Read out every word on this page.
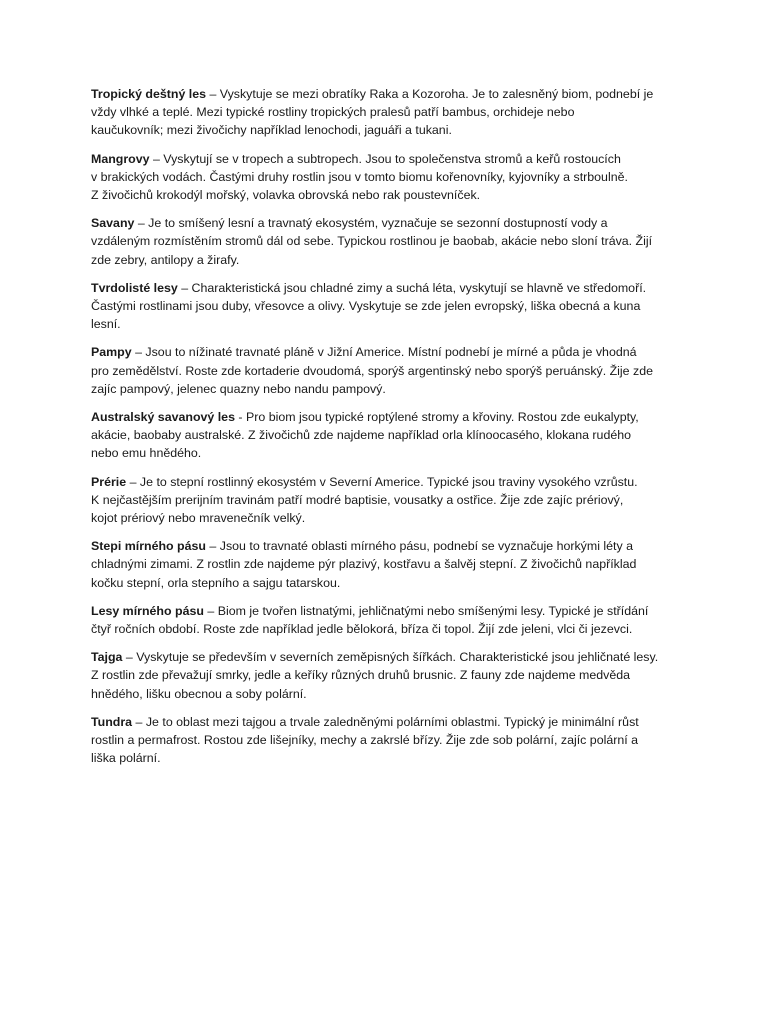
Tropický deštný les – Vyskytuje se mezi obratíky Raka a Kozoroha. Je to zalesněný biom, podnebí je
vždy vlhké a teplé. Mezi typické rostliny tropických pralesů patří bambus, orchideje nebo
kaučukovník; mezi živočichy například lenochodi, jaguáři a tukani.

Mangrovy – Vyskytují se v tropech a subtropech. Jsou to společenstva stromů a keřů rostoucích
v brakických vodách. Častými druhy rostlin jsou v tomto biomu kořenovníky, kyjovníky a strboulně.
Z živočichů krokodýl mořský, volavka obrovská nebo rak poustevníček.

Savany – Je to smíšený lesní a travnatý ekosystém, vyznačuje se sezonní dostupností vody a
vzdáleným rozmístěním stromů dál od sebe. Typickou rostlinou je baobab, akácie nebo sloní tráva. Žijí
zde zebry, antilopy a žirafy.

Tvrdolisté lesy – Charakteristická jsou chladné zimy a suchá léta, vyskytují se hlavně ve středomoří.
Častými rostlinami jsou duby, vřesovce a olivy. Vyskytuje se zde jelen evropský, liška obecná a kuna
lesní.

Pampy – Jsou to nížinaté travnaté pláně v Jižní Americe. Místní podnebí je mírné a půda je vhodná
pro zemědělství. Roste zde kortaderie dvoudomá, sporýš argentinský nebo sporýš peruánský. Žije zde
zajíc pampový, jelenec quazny nebo nandu pampový.

Australský savanový les - Pro biom jsou typické roptýlené stromy a křoviny. Rostou zde eukalypty,
akácie, baobaby australské. Z živočichů zde najdeme například orla klínoocasého, klokana rudého
nebo emu hnědého.

Prérie – Je to stepní rostlinný ekosystém v Severní Americe. Typické jsou traviny vysokého vzrůstu.
K nejčastějším prerijním travinám patří modré baptisie, vousatky a ostřice. Žije zde zajíc prériový,
kojot prériový nebo mravenečník velký.

Stepi mírného pásu – Jsou to travnaté oblasti mírného pásu, podnebí se vyznačuje horkými léty a
chladnými zimami. Z rostlin zde najdeme pýr plazivý, kostřavu a šalvěj stepní. Z živočichů například
kočku stepní, orla stepního a sajgu tatarskou.

Lesy mírného pásu – Biom je tvořen listnatými, jehličnatými nebo smíšenými lesy. Typické je střídání
čtyř ročních období. Roste zde například jedle bělokorá, bříza či topol. Žijí zde jeleni, vlci či jezevci.

Tajga – Vyskytuje se především v severních zeměpisných šířkách. Charakteristické jsou jehličnaté lesy.
Z rostlin zde převažují smrky, jedle a keříky různých druhů brusnic. Z fauny zde najdeme medvěda
hnědého, lišku obecnou a soby polární.

Tundra – Je to oblast mezi tajgou a trvale zaledněnými polárními oblastmi. Typický je minimální růst
rostlin a permafrost. Rostou zde lišejníky, mechy a zakrslé břízy. Žije zde sob polární, zajíc polární a
liška polární.
